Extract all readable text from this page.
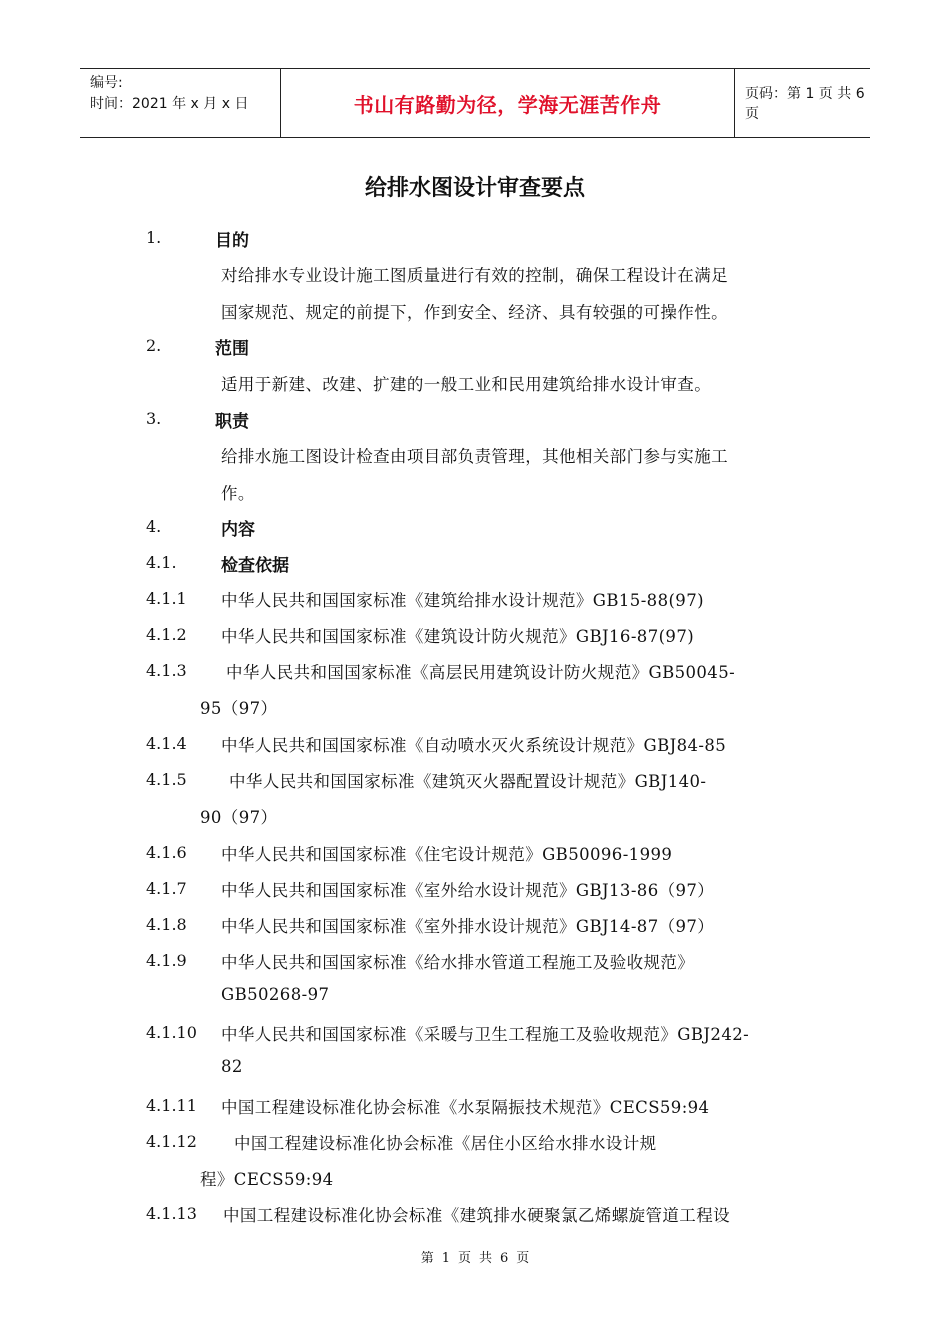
编号:
时间：2021 年 x 月 x 日	书山有路勤为径，学海无涯苦作舟	页码：第 1 页 共 6 页
给排水图设计审查要点
1.	目的
对给排水专业设计施工图质量进行有效的控制，确保工程设计在满足
国家规范、规定的前提下，作到安全、经济、具有较强的可操作性。
2.	范围
适用于新建、改建、扩建的一般工业和民用建筑给排水设计审查。
3.	职责
给排水施工图设计检查由项目部负责管理，其他相关部门参与实施工
作。
4.	内容
4.1.	检查依据
4.1.1 中华人民共和国国家标准《建筑给排水设计规范》GB15-88(97)
4.1.2 中华人民共和国国家标准《建筑设计防火规范》GBJ16-87(97)
4.1.3 中华人民共和国国家标准《高层民用建筑设计防火规范》GB50045-
95（97）
4.1.4 中华人民共和国国家标准《自动喷水灭火系统设计规范》GBJ84-85
4.1.5	中华人民共和国国家标准《建筑灭火器配置设计规范》GBJ140-
90（97）
4.1.6 中华人民共和国国家标准《住宅设计规范》GB50096-1999
4.1.7 中华人民共和国国家标准《室外给水设计规范》GBJ13-86（97）
4.1.8 中华人民共和国国家标准《室外排水设计规范》GBJ14-87（97）
4.1.9 中华人民共和国国家标准《给水排水管道工程施工及验收规范》
GB50268-97
4.1.10 中华人民共和国国家标准《采暖与卫生工程施工及验收规范》GBJ242-
82
4.1.11 中国工程建设标准化协会标准《水泵隔振技术规范》CECS59:94
4.1.12 中国工程建设标准化协会标准《居住小区给水排水设计规
程》CECS59:94
4.1.13 中国工程建设标准化协会标准《建筑排水硬聚氯乙烯螺旋管道工程设
第 1 页 共 6 页
